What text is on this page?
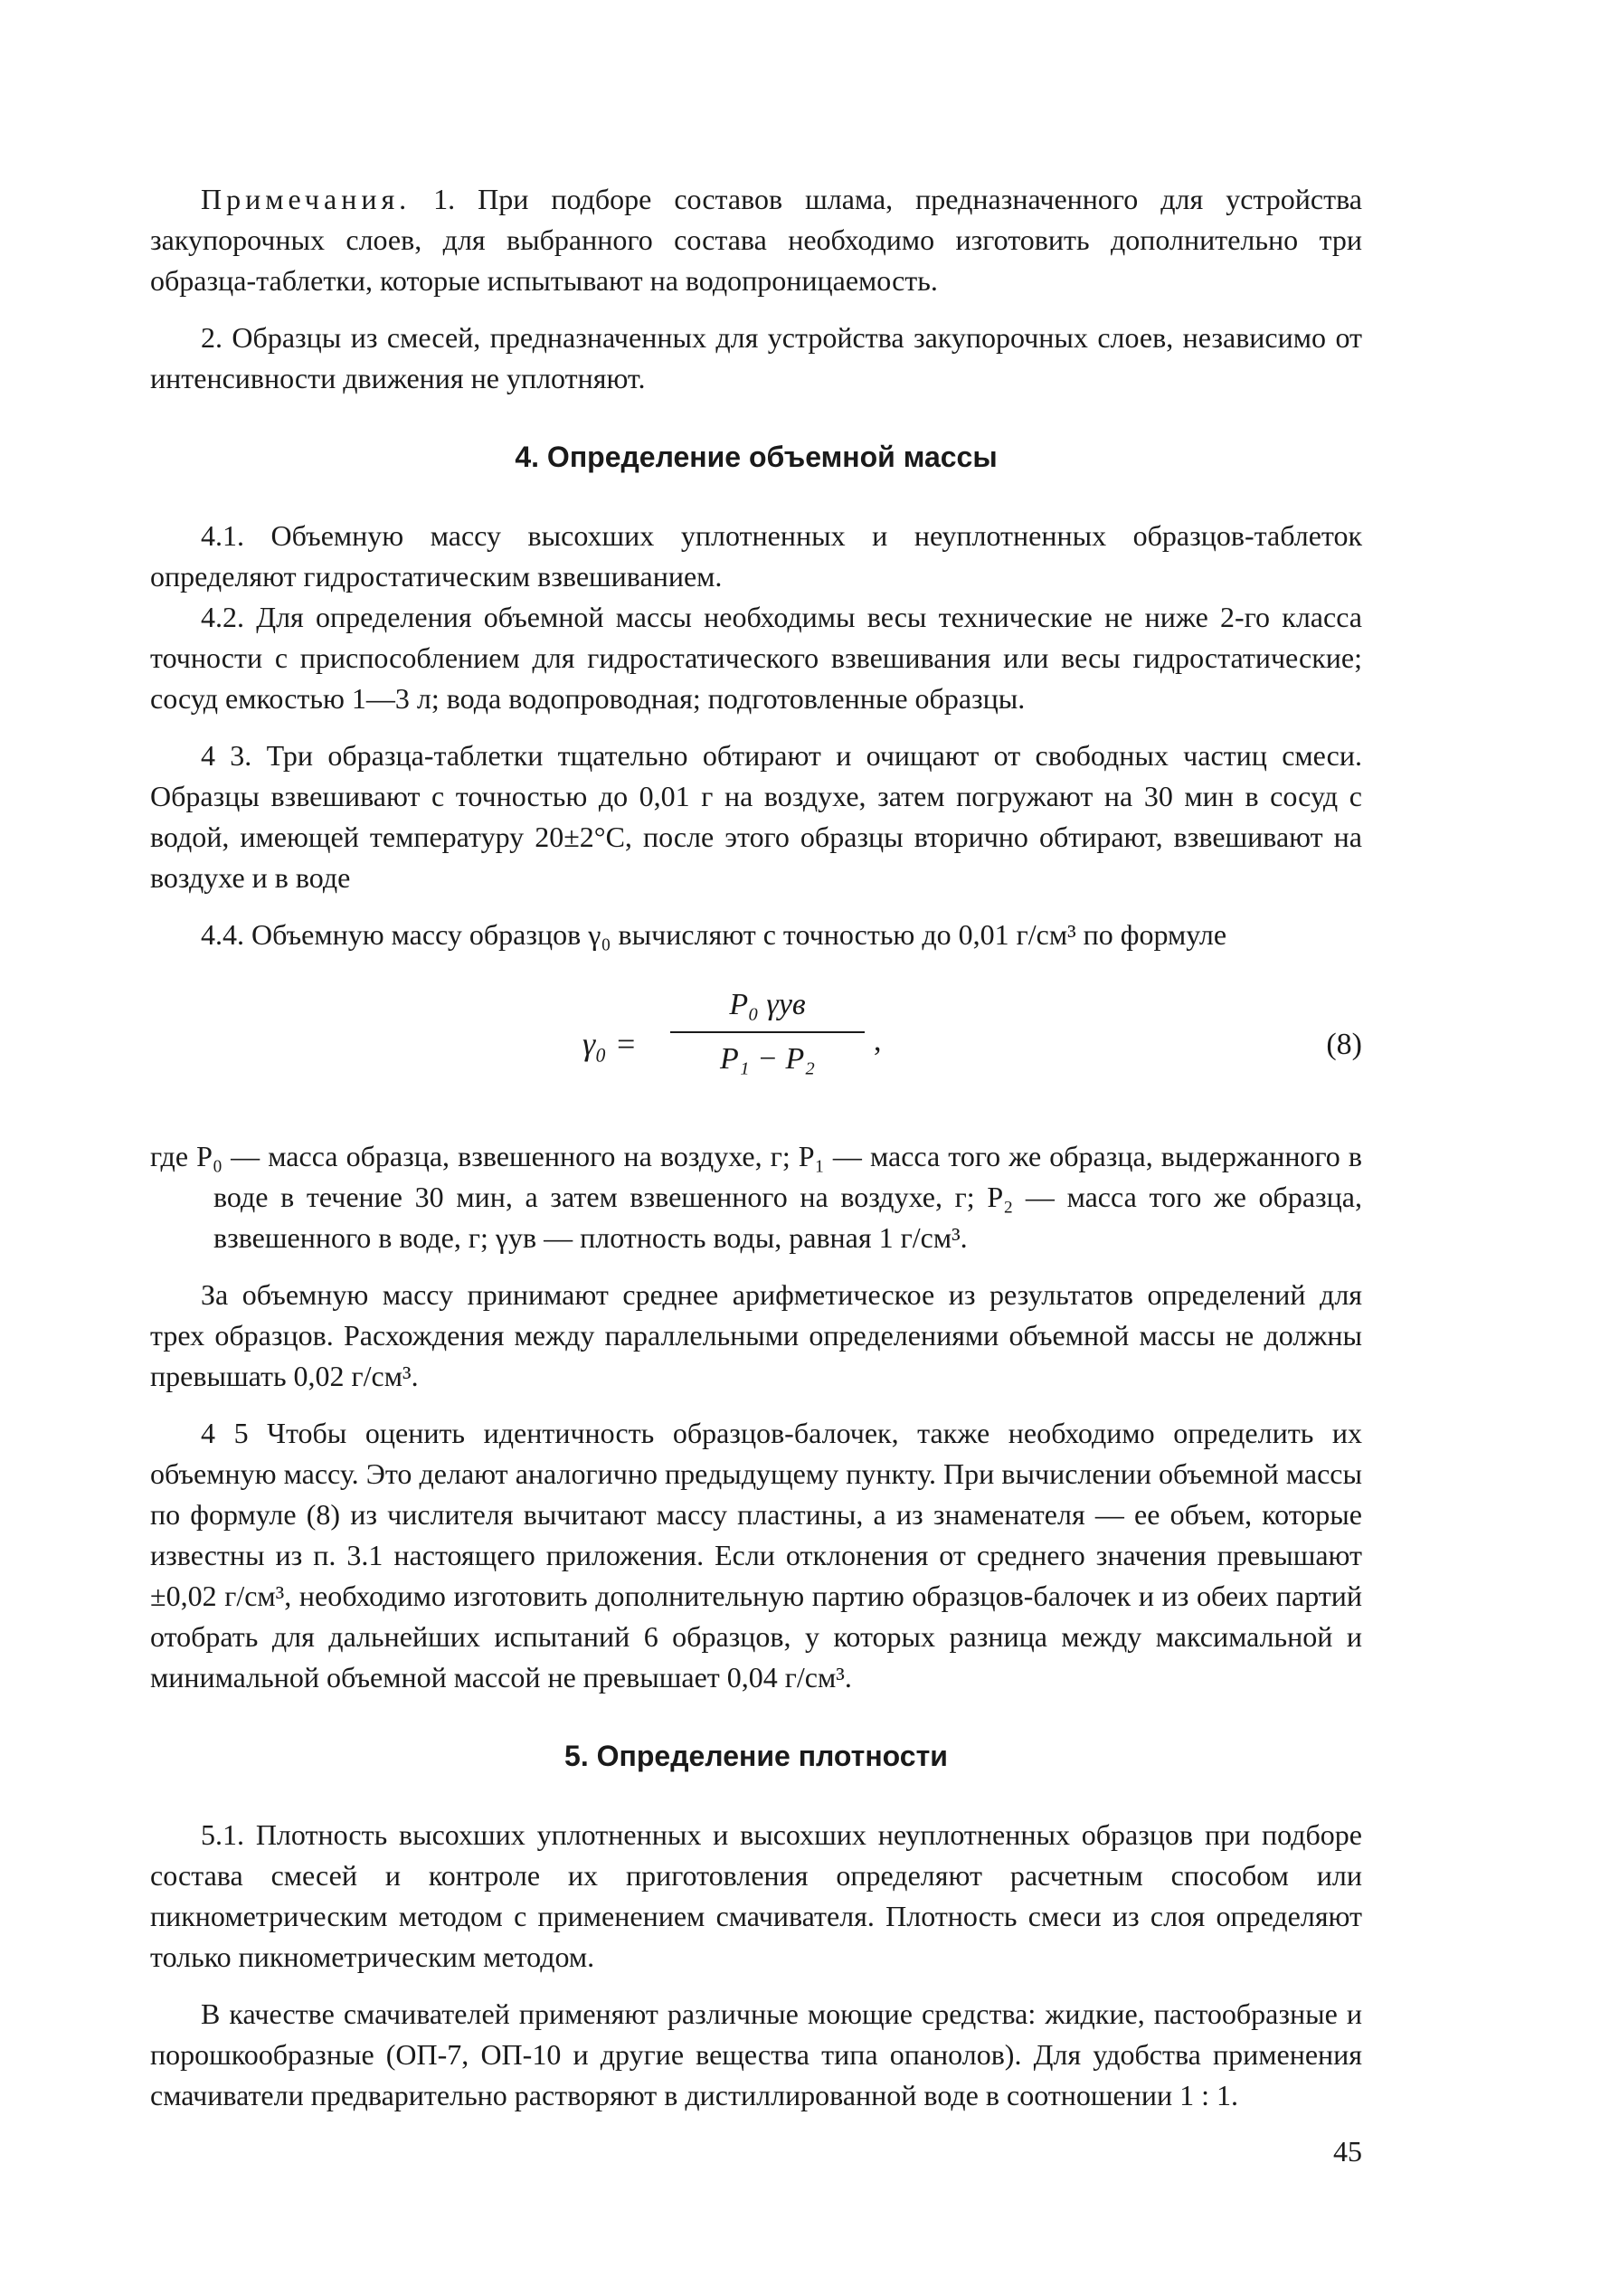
Примечания. 1. При подборе составов шлама, предназначенного для устройства закупорочных слоев, для выбранного состава необходимо изготовить дополнительно три образца-таблетки, которые испытывают на водопроницаемость.

2. Образцы из смесей, предназначенных для устройства закупорочных слоев, независимо от интенсивности движения не уплотняют.

4. Определение объемной массы

4.1. Объемную массу высохших уплотненных и неуплотненных образцов-таблеток определяют гидростатическим взвешиванием.

4.2. Для определения объемной массы необходимы весы технические не ниже 2-го класса точности с приспособлением для гидростатического взвешивания или весы гидростатические; сосуд емкостью 1—3 л; вода водопроводная; подготовленные образцы.

4 3. Три образца-таблетки тщательно обтирают и очищают от свободных частиц смеси. Образцы взвешивают с точностью до 0,01 г на воздухе, затем погружают на 30 мин в сосуд с водой, имеющей температуру 20±2°С, после этого образцы вторично обтирают, взвешивают на воздухе и в воде

4.4. Объемную массу образцов γ₀ вычисляют с точностью до 0,01 г/см³ по формуле

γ₀ =
P₀ γув
P₁ − P₂
,	(8)

где P₀ — масса образца, взвешенного на воздухе, г; P₁ — масса того же образца, выдержанного в воде в течение 30 мин, а затем взвешенного на воздухе, г; P₂ — масса того же образца, взвешенного в воде, г; γув — плотность воды, равная 1 г/см³.

За объемную массу принимают среднее арифметическое из результатов определений для трех образцов. Расхождения между параллельными определениями объемной массы не должны превышать 0,02 г/см³.

4 5 Чтобы оценить идентичность образцов-балочек, также необходимо определить их объемную массу. Это делают аналогично предыдущему пункту. При вычислении объемной массы по формуле (8) из числителя вычитают массу пластины, а из знаменателя — ее объем, которые известны из п. 3.1 настоящего приложения. Если отклонения от среднего значения превышают ±0,02 г/см³, необходимо изготовить дополнительную партию образцов-балочек и из обеих партий отобрать для дальнейших испытаний 6 образцов, у которых разница между максимальной и минимальной объемной массой не превышает 0,04 г/см³.

5. Определение плотности

5.1. Плотность высохших уплотненных и высохших неуплотненных образцов при подборе состава смесей и контроле их приготовления определяют расчетным способом или пикнометрическим методом с применением смачивателя. Плотность смеси из слоя определяют только пикнометрическим методом.

В качестве смачивателей применяют различные моющие средства: жидкие, пастообразные и порошкообразные (ОП-7, ОП-10 и другие вещества типа опанолов). Для удобства применения смачиватели предварительно растворяют в дистиллированной воде в соотношении 1 : 1.

45
